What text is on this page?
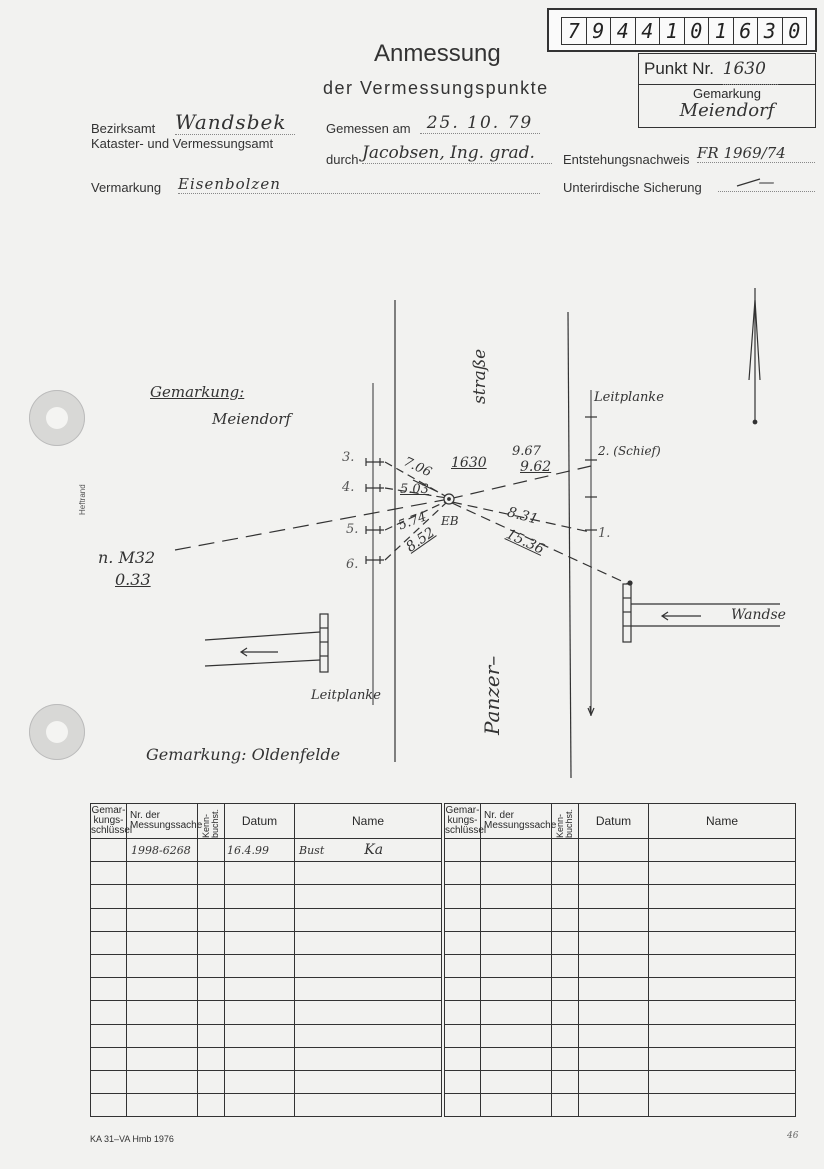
Heftrand
7 9 4 4 1 0 1 6 3 0
Anmessung
der Vermessungspunkte
Punkt Nr. 1630
Gemarkung
Meiendorf
Bezirksamt Wandsbek
Kataster- und Vermessungsamt
Gemessen am 25. 10. 79
durch Jacobsen, Ing. grad.	Entstehungsnachweis FR 1969/74
Vermarkung Eisenbolzen	Unterirdische Sicherung	—
Gemarkung:
Meiendorf
Gemarkung: Oldenfelde
straße
Panzer–
Leitplanke
Leitplanke
Wandse
1630
n. M32
0.33
2. (Schief)
3.
4.
5.
6.
1.
7.06
5.03
5.74
8.52
EB
9.67
9.62
8.31
15.36
Gemar-
kungs-
schlüssel	Nr. der
Messungssache	Kenn-buchst.	Datum	Name
	1998-6268		16.4.99	Bust Ka

Gemar-
kungs-
schlüssel	Nr. der
Messungssache	Kenn-buchst.	Datum	Name

KA 31–VA Hmb 1976	46
